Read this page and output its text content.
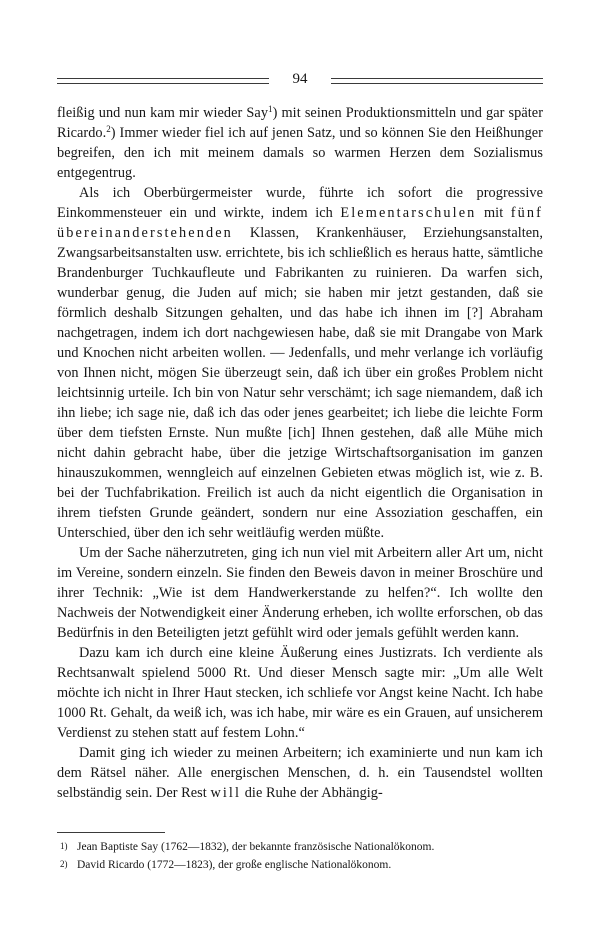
94

fleißig und nun kam mir wieder Say$^1$) mit seinen Produktionsmitteln und gar später Ricardo.$^2$) Immer wieder fiel ich auf jenen Satz, und so können Sie den Heißhunger begreifen, den ich mit meinem damals so warmen Herzen dem Sozialismus entgegentrug.

Als ich Oberbürgermeister wurde, führte ich sofort die progressive Einkommensteuer ein und wirkte, indem ich Elementarschulen mit fünf übereinanderstehenden Klassen, Krankenhäuser, Erziehungsanstalten, Zwangsarbeitsanstalten usw. errichtete, bis ich schließlich es heraus hatte, sämtliche Brandenburger Tuchkaufleute und Fabrikanten zu ruinieren. Da warfen sich, wunderbar genug, die Juden auf mich; sie haben mir jetzt gestanden, daß sie förmlich deshalb Sitzungen gehalten, und das habe ich ihnen im [?] Abraham nachgetragen, indem ich dort nachgewiesen habe, daß sie mit Drangabe von Mark und Knochen nicht arbeiten wollen. — Jedenfalls, und mehr verlange ich vorläufig von Ihnen nicht, mögen Sie überzeugt sein, daß ich über ein großes Problem nicht leichtsinnig urteile. Ich bin von Natur sehr verschämt; ich sage niemandem, daß ich ihn liebe; ich sage nie, daß ich das oder jenes gearbeitet; ich liebe die leichte Form über dem tiefsten Ernste. Nun mußte [ich] Ihnen gestehen, daß alle Mühe mich nicht dahin gebracht habe, über die jetzige Wirtschaftsorganisation im ganzen hinauszukommen, wenngleich auf einzelnen Gebieten etwas möglich ist, wie z. B. bei der Tuchfabrikation. Freilich ist auch da nicht eigentlich die Organisation in ihrem tiefsten Grunde geändert, sondern nur eine Assoziation geschaffen, ein Unterschied, über den ich sehr weitläufig werden müßte.

Um der Sache näherzutreten, ging ich nun viel mit Arbeitern aller Art um, nicht im Vereine, sondern einzeln. Sie finden den Beweis davon in meiner Broschüre und ihrer Technik: „Wie ist dem Handwerkerstande zu helfen?“. Ich wollte den Nachweis der Notwendigkeit einer Änderung erheben, ich wollte erforschen, ob das Bedürfnis in den Beteiligten jetzt gefühlt wird oder jemals gefühlt werden kann.

Dazu kam ich durch eine kleine Äußerung eines Justizrats. Ich verdiente als Rechtsanwalt spielend 5000 Rt. Und dieser Mensch sagte mir: „Um alle Welt möchte ich nicht in Ihrer Haut stecken, ich schliefe vor Angst keine Nacht. Ich habe 1000 Rt. Gehalt, da weiß ich, was ich habe, mir wäre es ein Grauen, auf unsicherem Verdienst zu stehen statt auf festem Lohn.“

Damit ging ich wieder zu meinen Arbeitern; ich examinierte und nun kam ich dem Rätsel näher. Alle energischen Menschen, d. h. ein Tausendstel wollten selbständig sein. Der Rest will die Ruhe der Abhängig-

1) Jean Baptiste Say (1762—1832), der bekannte französische Nationalökonom.
2) David Ricardo (1772—1823), der große englische Nationalökonom.
